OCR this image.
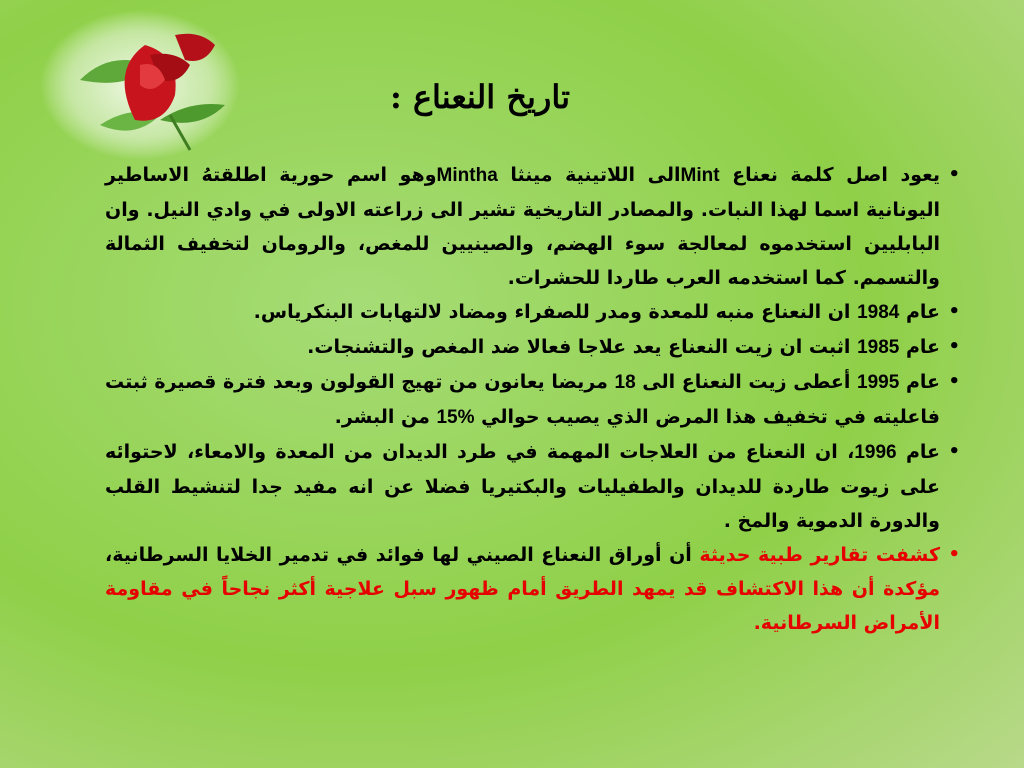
تاريخ النعناع :
•
يعود اصل كلمة نعناع Mintالى اللاتينية مينثا Minthaوهو اسم حورية اطلقتهُ الاساطير اليونانية اسما لهذا النبات. والمصادر التاريخية تشير الى زراعته الاولى في وادي النيل. وان البابليين استخدموه لمعالجة سوء الهضم، والصينيين للمغص، والرومان لتخفيف الثمالة والتسمم. كما استخدمه العرب طاردا للحشرات.
•
عام 1984 ان النعناع منبه للمعدة ومدر للصفراء ومضاد لالتهابات البنكرياس.
•
عام 1985 اثبت ان زيت النعناع يعد علاجا فعالا ضد المغص والتشنجات.
•
عام 1995 أعطى زيت النعناع الى 18 مريضا يعانون من تهيج القولون وبعد فترة قصيرة ثبتت فاعليته في تخفيف هذا المرض الذي يصيب حوالي 15% من البشر.
•
عام 1996، ان النعناع من العلاجات المهمة في طرد الديدان من المعدة والامعاء، لاحتوائه على زيوت طاردة للديدان والطفيليات والبكتيريا فضلا عن انه مفيد جدا لتنشيط القلب والدورة الدموية والمخ .
•
كشفت تقارير طبية حديثة أن أوراق النعناع الصيني لها فوائد في تدمير الخلايا السرطانية، مؤكدة أن هذا الاكتشاف قد يمهد الطريق أمام ظهور سبل علاجية أكثر نجاحاً في مقاومة الأمراض السرطانية.
